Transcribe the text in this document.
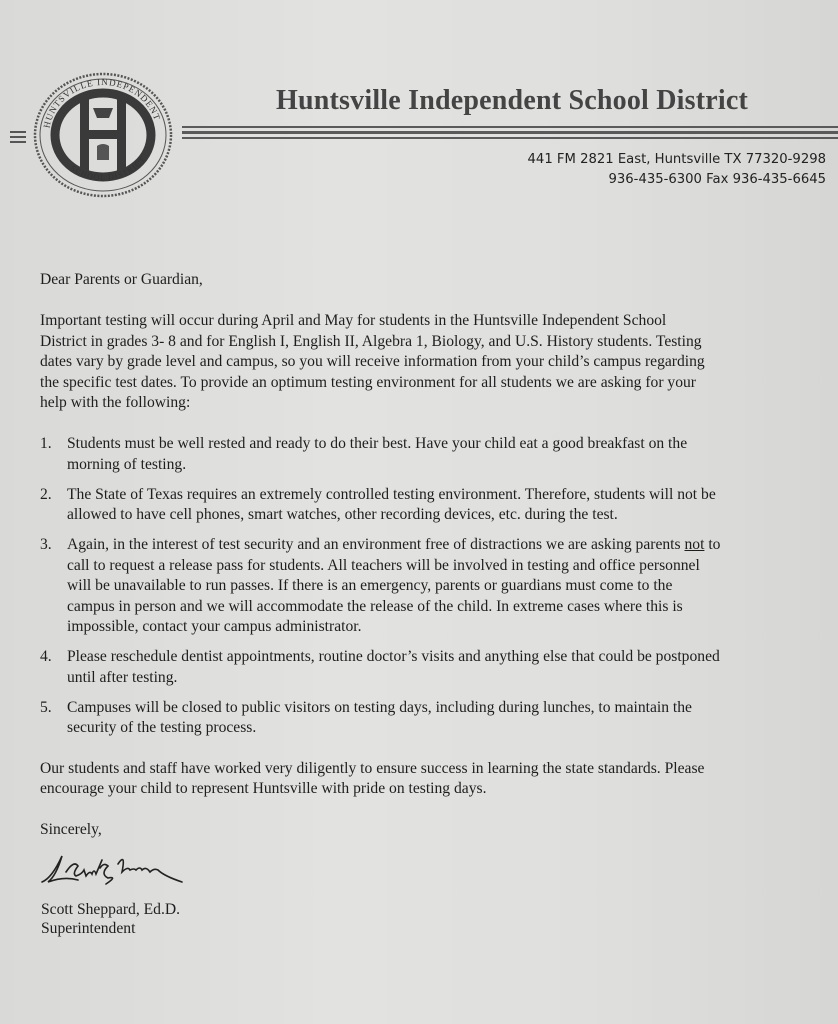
HUNTSVILLE INDEPENDENT
SCHOOL DISTRICT
Huntsville Independent School District
441 FM 2821 East, Huntsville TX 77320-9298
936-435-6300 Fax 936-435-6645
Dear Parents or Guardian,
Important testing will occur during April and May for students in the Huntsville Independent School
District in grades 3- 8 and for English I, English II, Algebra 1, Biology, and U.S. History students. Testing
dates vary by grade level and campus, so you will receive information from your child’s campus regarding
the specific test dates. To provide an optimum testing environment for all students we are asking for your
help with the following:
1. Students must be well rested and ready to do their best. Have your child eat a good breakfast on the
morning of testing.
2. The State of Texas requires an extremely controlled testing environment. Therefore, students will not be
allowed to have cell phones, smart watches, other recording devices, etc. during the test.
3. Again, in the interest of test security and an environment free of distractions we are asking parents not to
call to request a release pass for students. All teachers will be involved in testing and office personnel
will be unavailable to run passes. If there is an emergency, parents or guardians must come to the
campus in person and we will accommodate the release of the child. In extreme cases where this is
impossible, contact your campus administrator.
4. Please reschedule dentist appointments, routine doctor’s visits and anything else that could be postponed
until after testing.
5. Campuses will be closed to public visitors on testing days, including during lunches, to maintain the
security of the testing process.
Our students and staff have worked very diligently to ensure success in learning the state standards. Please
encourage your child to represent Huntsville with pride on testing days.
Sincerely,
Scott Sheppard, Ed.D.
Superintendent
